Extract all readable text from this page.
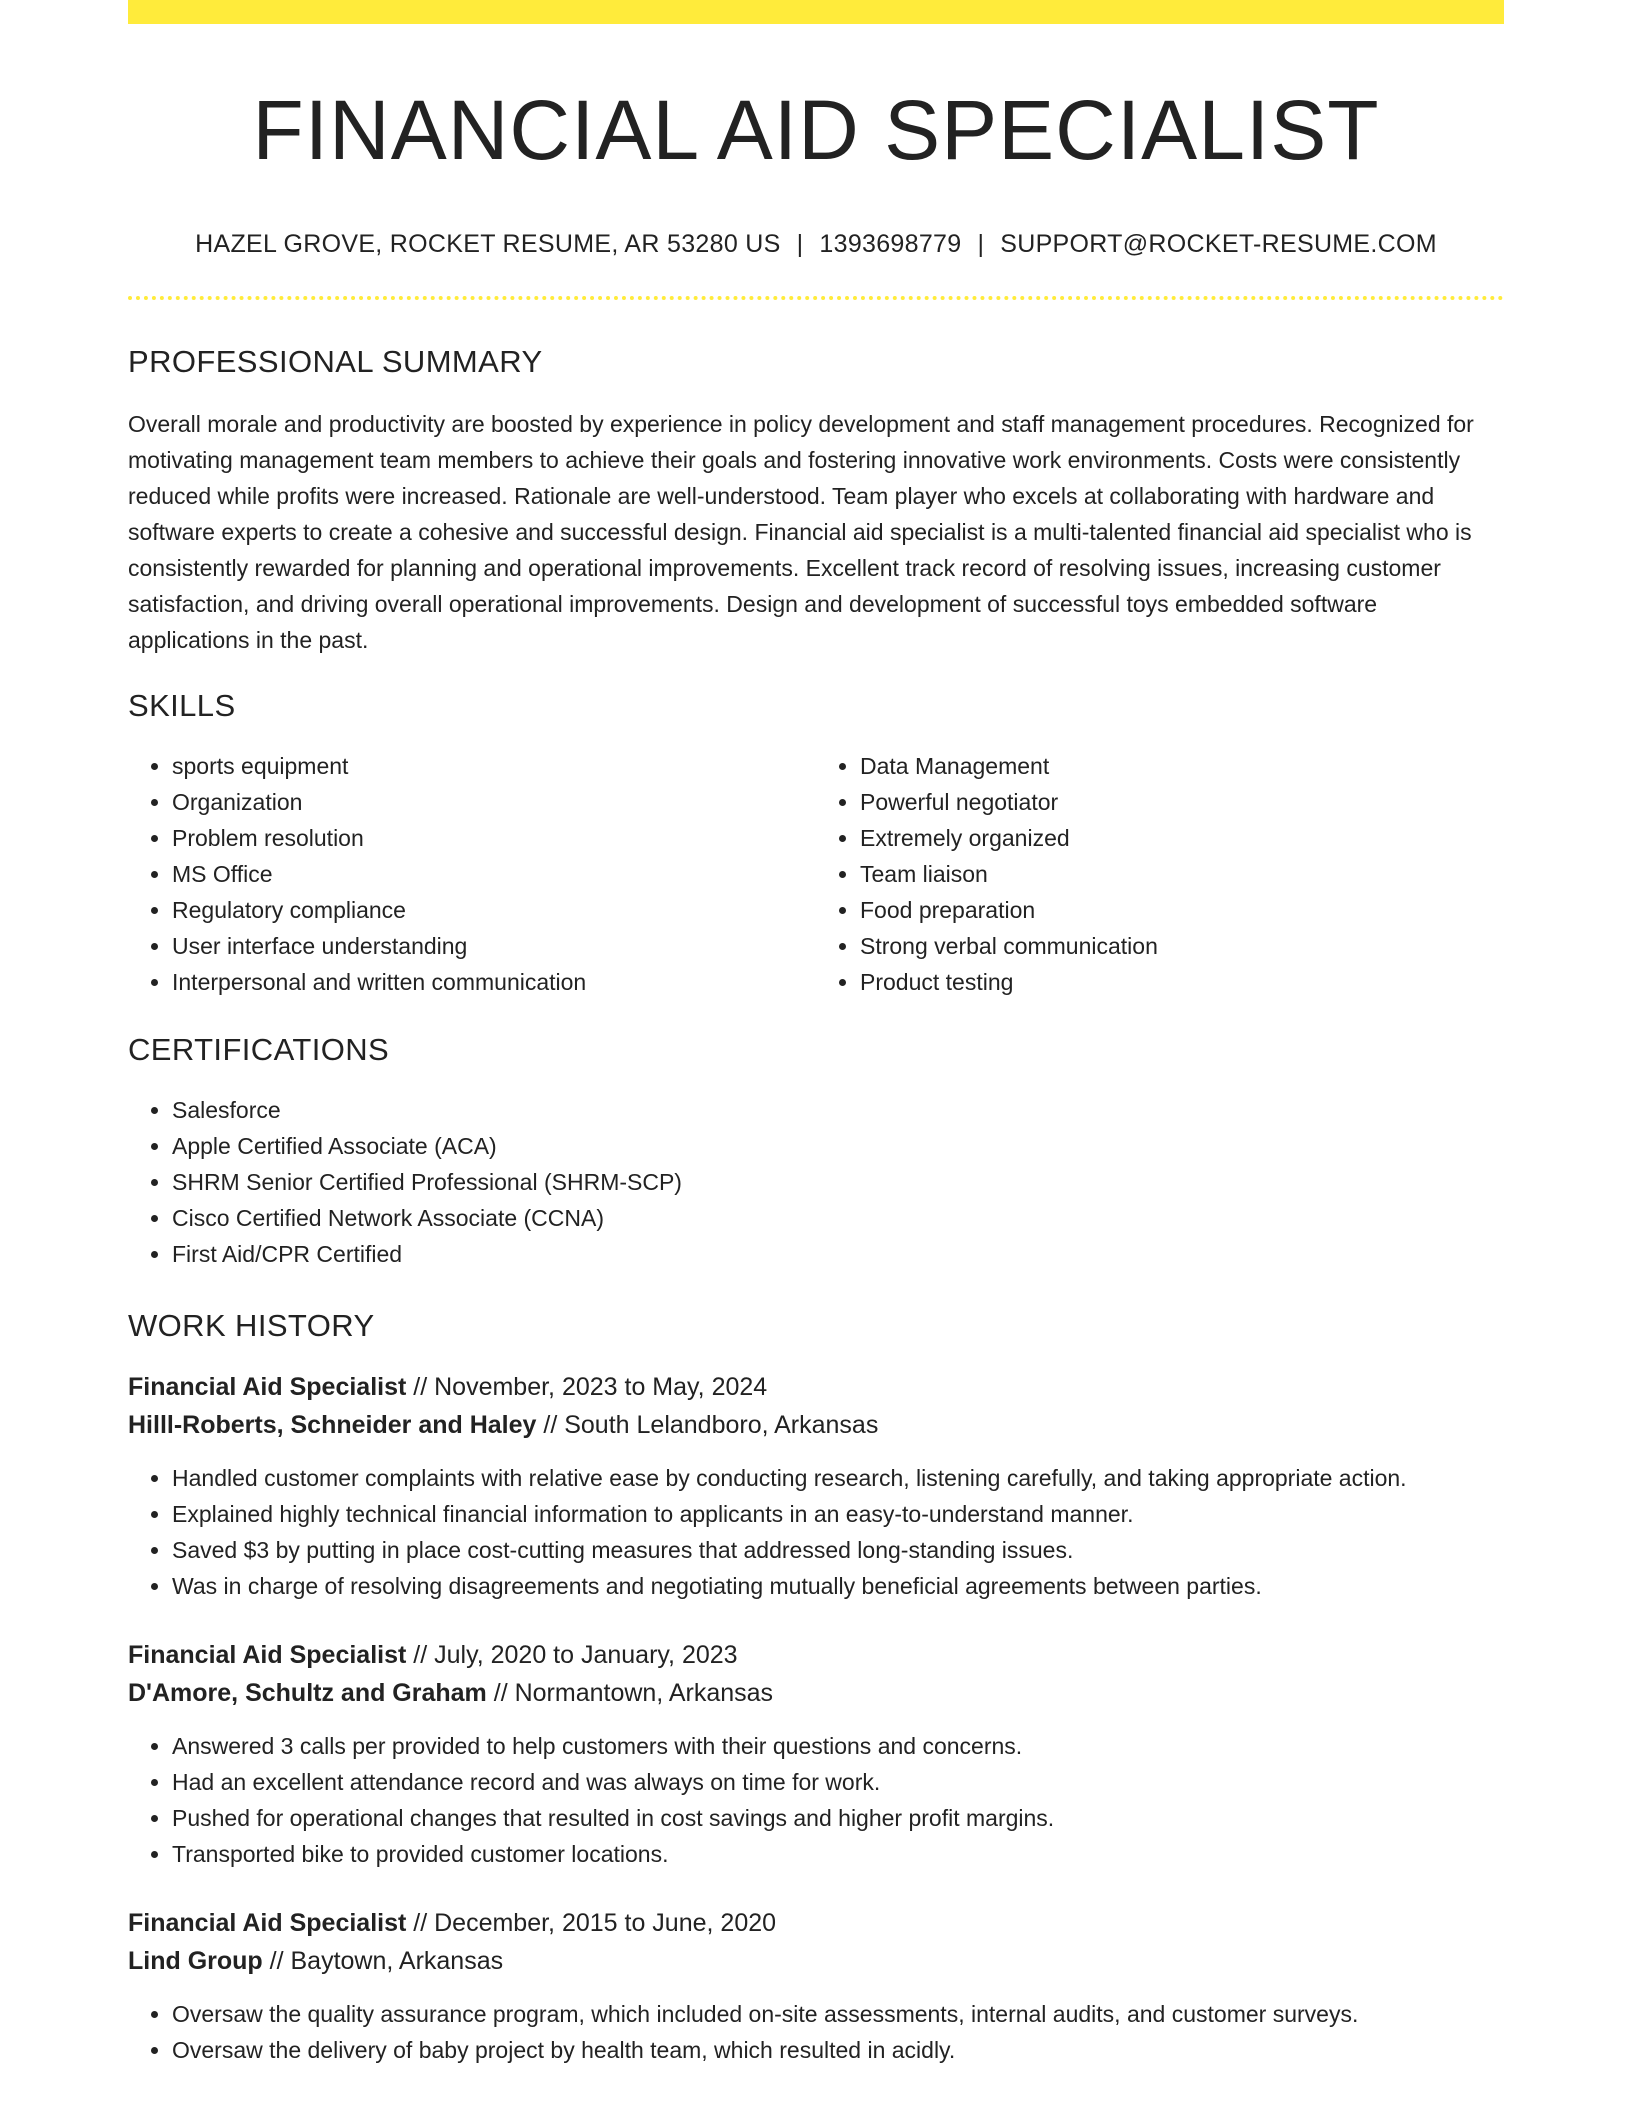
FINANCIAL AID SPECIALIST
HAZEL GROVE, ROCKET RESUME, AR 53280 US | 1393698779 | SUPPORT@ROCKET-RESUME.COM
PROFESSIONAL SUMMARY

Overall morale and productivity are boosted by experience in policy development and staff management procedures. Recognized for motivating management team members to achieve their goals and fostering innovative work environments. Costs were consistently reduced while profits were increased. Rationale are well-understood. Team player who excels at collaborating with hardware and software experts to create a cohesive and successful design. Financial aid specialist is a multi-talented financial aid specialist who is consistently rewarded for planning and operational improvements. Excellent track record of resolving issues, increasing customer satisfaction, and driving overall operational improvements. Design and development of successful toys embedded software applications in the past.

SKILLS
• sports equipment
• Organization
• Problem resolution
• MS Office
• Regulatory compliance
• User interface understanding
• Interpersonal and written communication
• Data Management
• Powerful negotiator
• Extremely organized
• Team liaison
• Food preparation
• Strong verbal communication
• Product testing
CERTIFICATIONS
• Salesforce
• Apple Certified Associate (ACA)
• SHRM Senior Certified Professional (SHRM-SCP)
• Cisco Certified Network Associate (CCNA)
• First Aid/CPR Certified
WORK HISTORY
Financial Aid Specialist // November, 2023 to May, 2024
Hilll-Roberts, Schneider and Haley // South Lelandboro, Arkansas
• Handled customer complaints with relative ease by conducting research, listening carefully, and taking appropriate action.
• Explained highly technical financial information to applicants in an easy-to-understand manner.
• Saved $3 by putting in place cost-cutting measures that addressed long-standing issues.
• Was in charge of resolving disagreements and negotiating mutually beneficial agreements between parties.
Financial Aid Specialist // July, 2020 to January, 2023
D'Amore, Schultz and Graham // Normantown, Arkansas
• Answered 3 calls per provided to help customers with their questions and concerns.
• Had an excellent attendance record and was always on time for work.
• Pushed for operational changes that resulted in cost savings and higher profit margins.
• Transported bike to provided customer locations.
Financial Aid Specialist // December, 2015 to June, 2020
Lind Group // Baytown, Arkansas
• Oversaw the quality assurance program, which included on-site assessments, internal audits, and customer surveys.
• Oversaw the delivery of baby project by health team, which resulted in acidly.
